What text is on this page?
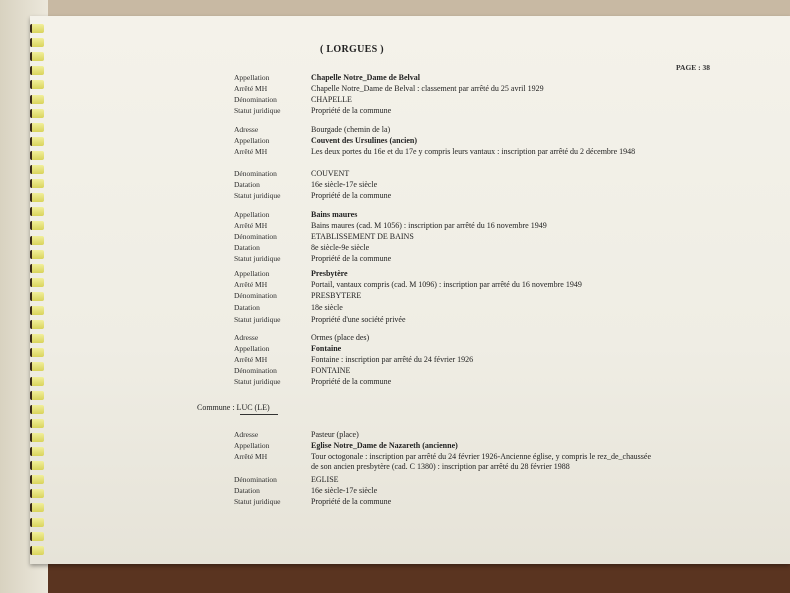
( LORGUES )
PAGE : 38
Appellation	Chapelle Notre_Dame de Belval
Arrêté MH	Chapelle Notre_Dame de Belval : classement par arrêté du 25 avril 1929
Dénomination	CHAPELLE
Statut juridique	Propriété de la commune
Adresse	Bourgade (chemin de la)
Appellation	Couvent des Ursulines (ancien)
Arrêté MH	Les deux portes du 16e et du 17e y compris leurs vantaux : inscription par arrêté du 2 décembre 1948
Dénomination	COUVENT
Datation	16e siècle-17e siècle
Statut juridique	Propriété de la commune
Appellation	Bains maures
Arrêté MH	Bains maures (cad. M 1056) : inscription par arrêté du 16 novembre 1949
Dénomination	ETABLISSEMENT DE BAINS
Datation	8e siècle-9e siècle
Statut juridique	Propriété de la commune
Appellation	Presbytère
Arrêté MH	Portail, vantaux compris (cad. M 1096) : inscription par arrêté du 16 novembre 1949
Dénomination	PRESBYTERE
Datation	18e siècle
Statut juridique	Propriété d'une société privée
Adresse	Ormes (place des)
Appellation	Fontaine
Arrêté MH	Fontaine : inscription par arrêté du 24 février 1926
Dénomination	FONTAINE
Statut juridique	Propriété de la commune
Commune : LUC (LE)
Adresse	Pasteur (place)
Appellation	Eglise Notre_Dame de Nazareth (ancienne)
Arrêté MH	Tour octogonale : inscription par arrêté du 24 février 1926-Ancienne église, y compris le rez_de_chaussée de son ancien presbytère (cad. C 1380) : inscription par arrêté du 28 février 1988
Dénomination	EGLISE
Datation	16e siècle-17e siècle
Statut juridique	Propriété de la commune
